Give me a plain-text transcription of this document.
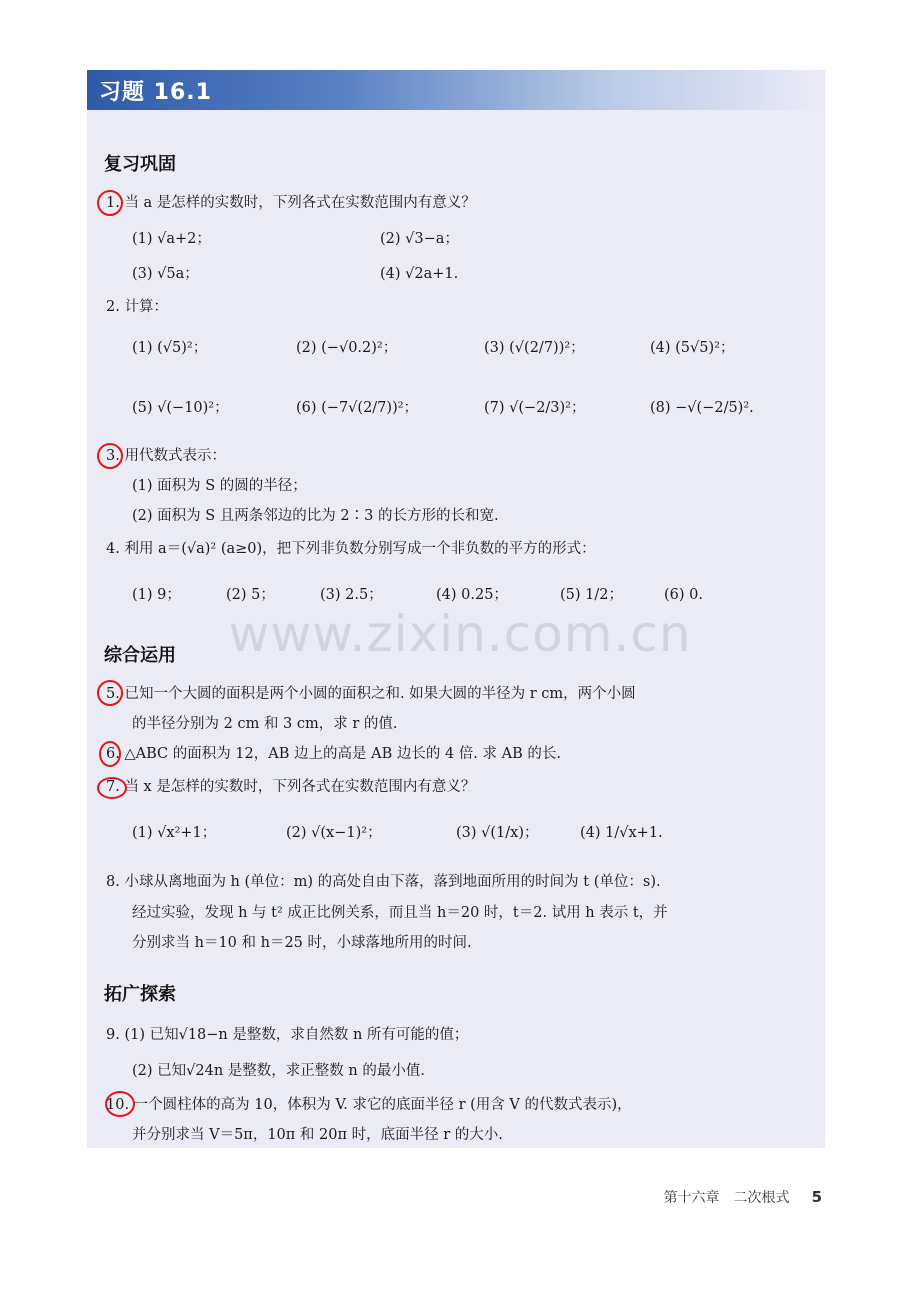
习题 16.1
www.zixin.com.cn
复习巩固
1. 当 a 是怎样的实数时，下列各式在实数范围内有意义？
(1) √a+2；	(2) √3−a；
(3) √5a；	(4) √2a+1.
2. 计算：
(1) (√5)²；	(2) (−√0.2)²；	(3) (√(2/7))²；	(4) (5√5)²；
(5) √(−10)²；	(6) (−7√(2/7))²；	(7) √(−2/3)²；	(8) −√(−2/5)².
3. 用代数式表示：
(1) 面积为 S 的圆的半径；
(2) 面积为 S 且两条邻边的比为 2∶3 的长方形的长和宽.
4. 利用 a＝(√a)² (a≥0)，把下列非负数分别写成一个非负数的平方的形式：
(1) 9；	(2) 5；	(3) 2.5；	(4) 0.25；	(5) 1/2；	(6) 0.
综合运用
5. 已知一个大圆的面积是两个小圆的面积之和. 如果大圆的半径为 r cm，两个小圆
的半径分别为 2 cm 和 3 cm，求 r 的值.
6. △ABC 的面积为 12，AB 边上的高是 AB 边长的 4 倍. 求 AB 的长.
7. 当 x 是怎样的实数时，下列各式在实数范围内有意义？
(1) √x²+1；	(2) √(x−1)²；	(3) √(1/x)；	(4) 1/√x+1.
8. 小球从离地面为 h (单位：m) 的高处自由下落，落到地面所用的时间为 t (单位：s).
经过实验，发现 h 与 t² 成正比例关系，而且当 h＝20 时，t＝2. 试用 h 表示 t，并
分别求当 h＝10 和 h＝25 时，小球落地所用的时间.
拓广探索
9. (1) 已知√18−n 是整数，求自然数 n 所有可能的值；
(2) 已知√24n 是整数，求正整数 n 的最小值.
10. 一个圆柱体的高为 10，体积为 V. 求它的底面半径 r (用含 V 的代数式表示)，
并分别求当 V＝5π，10π 和 20π 时，底面半径 r 的大小.
第十六章　二次根式 5
